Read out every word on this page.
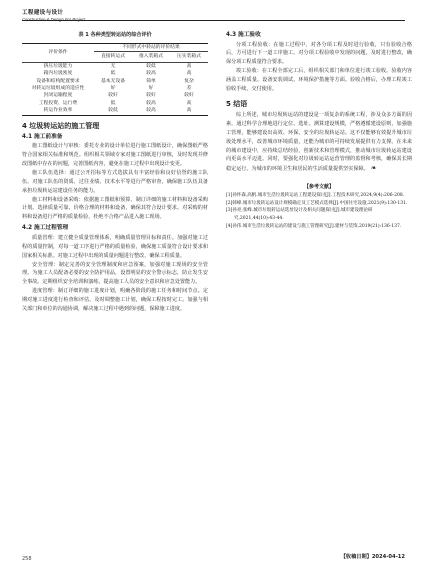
工程建设与设计
Construction & Design For Project
表 1 各种类型转运站的综合评价
评价条件	不同形式中转站的评价结果		
	直接转运式	推入装箱式	压实装箱式
挤压垃圾能力	无	较低	高
箱内垃圾密度	低	较高	高
设备和结构配置要求	基本无设备	简单	复杂
对转运垃圾组成的适应性	好	好	差
封闭运输程度	较好	较好	较好
工程投资、运行费	低	较高	高
转运作业效率	较低	较高	高
4 垃圾转运站的施工管理
4.1 施工前准备

施工图纸设计与审核：委托专业的设计单位进行施工图纸设计，确保图纸严格符合国家相关标准和规范。组织相关领域专家对施工图纸进行审核，及时发现并修改图纸中存在的问题，完善图纸内容，避免在施工过程中出现设计变更。

施工队伍选择：通过公开招标等方式选拔具有丰富经验和良好信誉的施工队伍。对施工队伍的资质、过往业绩、技术水平等进行严格审查，确保施工队伍具备承担垃圾转运站建设任务的能力。

施工材料和设备采购：依据施工图纸和预算，制订详细的施工材料和设备采购计划。选择质量可靠、价格合理的材料和设备，确保其符合设计要求。对采购的材料和设备进行严格的质量检验，杜绝不合格产品进入施工现场。

4.2 施工过程管理

质量管理：建立健全质量管理体系，明确质量管理目标和责任。加强对施工过程的质量控制，对每一道工序进行严格的质量检验，确保施工质量符合设计要求和国家相关标准。对施工过程中出现的质量问题进行整改，确保工程质量。

安全管理：制定完善的安全管理制度和应急预案，加强对施工现场的安全管理。为施工人员配备必要的安全防护用品，设置明显的安全警示标志，防止发生安全事故。定期组织安全培训和演练，提高施工人员的安全意识和应急处置能力。

进度管理：制订详细的施工进度计划，明确各阶段的施工任务和时间节点。定期对施工进度进行检查和评估，及时调整施工计划，确保工程按时完工。加强与相关部门和单位的沟通协调，解决施工过程中遇到的问题，保障施工进度。

4.3 施工验收

分项工程验收：在施工过程中，对各分项工程及时进行验收，只有验收合格后，方可进行下一道工序施工。对分项工程验收中发现的问题，及时进行整改，确保分项工程质量符合要求。

竣工验收：在工程全部完工后，组织相关部门和单位进行竣工验收。验收内容涵盖工程质量、设备安装调试、环境保护措施等方面。验收合格后，办理工程竣工验收手续，交付使用。

5 结语

综上所述，城市垃圾转运站的建设是一项复杂的系统工程，涉及众多方面的因素。通过科学合理地进行定位、选址、测算建设规模，严格遵循建设原则，加强施工管理，能够建设出高效、环保、安全的垃圾转运站。这不仅能够有效提升城市垃圾处理水平，改善城市环境质量，还能为城市的可持续发展提供有力支撑。在未来的城市建设中，应持续总结经验，创新技术和管理模式，推动城市垃圾转运站建设向更高水平迈进。同时，要强化对垃圾转运站运营管理的监督和考核，确保其长期稳定运行，为城市的环境卫生和居民的生活质量提供坚实保障。 ❧

【参考文献】
[1]孙怀森,高帆.城市生活垃圾转运站工程建设探讨[J].工程技术研究,2024,9(4):206-208.
[2]韩峰.城市垃圾转运站设计规模确定及工艺模式选择[J].中国住宅设施,2021(9):130-131.
[3]孙亮,张峰.城市垃圾转运站选址设计及相关问题探讨[J].城市建设理论研究,2021,44(10):43-44.
[4]孙伟.城市生活垃圾转运站的建设与施工管理研究[J].建材与装饰,2019(21):136-137.
258	【收稿日期】2024-04-12
